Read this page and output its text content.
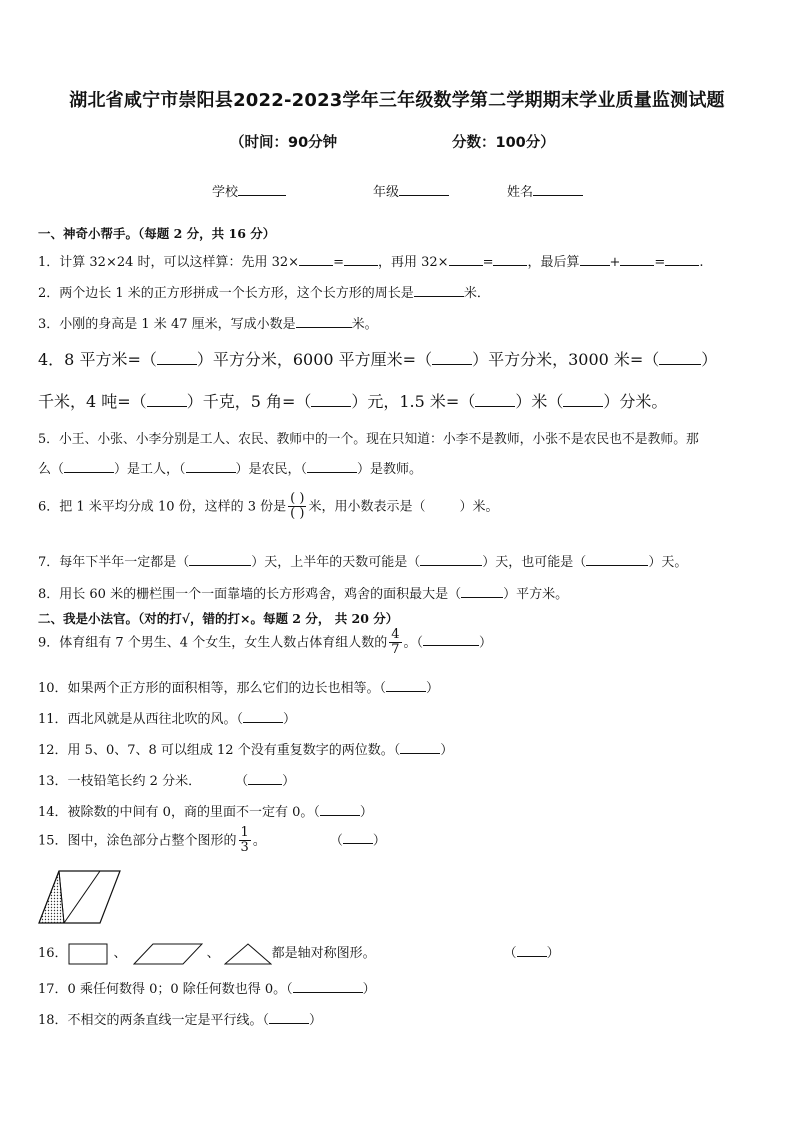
湖北省咸宁市崇阳县2022-2023学年三年级数学第二学期期末学业质量监测试题
（时间：90分钟	分数：100分）
学校	年级	姓名
一、神奇小帮手。（每题 2 分，共 16 分）
1．计算 32×24 时，可以这样算：先用 32×	=	，再用 32×	=	，最后算 +	=	.
2．两个边长 1 米的正方形拼成一个长方形，这个长方形的周长是	米．
3．小刚的身高是 1 米 47 厘米，写成小数是	米。
4．8 平方米=（	）平方分米，6000 平方厘米=（	）平方分米，3000 米=（	）
千米，4 吨=（	）千克，5 角=（	）元，1.5 米=（	）米（	）分米。
5．小王、小张、小李分别是工人、农民、教师中的一个。现在只知道：小李不是教师，小张不是农民也不是教师。那
么（	）是工人，（	）是农民，（	）是教师。
6．把 1 米平均分成 10 份，这样的 3 份是 $\frac{( )}{( )}$ 米，用小数表示是（	）米。
7．每年下半年一定都是（	）天，上半年的天数可能是（	）天，也可能是（	）天。
8．用长 60 米的栅栏围一个一面靠墙的长方形鸡舍，鸡舍的面积最大是（	）平方米。
二、我是小法官。（对的打√，错的打×。每题 2 分， 共 20 分）
9．体育组有 7 个男生、4 个女生，女生人数占体育组人数的 $\frac{4}{7}$ 。（	）
10．如果两个正方形的面积相等，那么它们的边长也相等。（	）
11．西北风就是从西往北吹的风。（	）
12．用 5、0、7、8 可以组成 12 个没有重复数字的两位数。（	）
13．一枝铅笔长约 2 分米．	（	）
14．被除数的中间有 0，商的里面不一定有 0。（	）
15．图中，涂色部分占整个图形的 $\frac{1}{3}$ 。	（ ）
16．	、	、	都是轴对称图形。	（ ）
17．0 乘任何数得 0；0 除任何数也得 0。（	）
18．不相交的两条直线一定是平行线。（	）
